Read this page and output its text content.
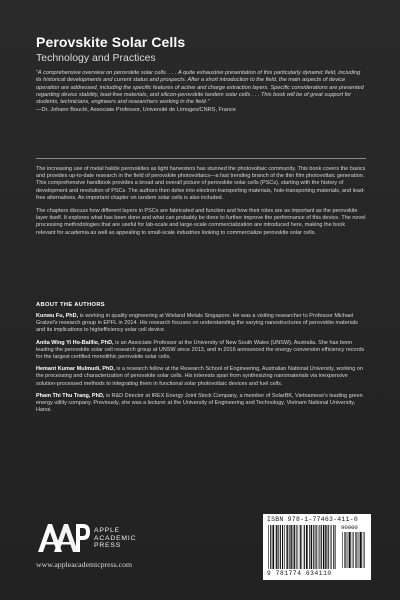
Perovskite Solar Cells
Technology and Practices
“A comprehensive overview on perovskite solar cells. . . . A quite exhaustive presentation of this particularly dynamic field, including its historical developments and current status and prospects. After a short introduction to the field, the main aspects of device operation are addressed, including the specific features of active and charge extraction layers. Specific considerations are presented regarding device stability, lead-free materials, and silicon-perovskite tandem solar cells . . . This book will be of great support for students, technicians, engineers and researchers working in the field.”
—Dr. Johann Bouclé, Associate Professor, Université de Limoges/CNRS, France

The increasing use of metal halide perovskites as light harvesters has stunned the photovoltaic community. This book covers the basics and provides up-to-date research in the field of perovskite photovoltaics—a fast trending branch of the thin film photovoltaic generation. This comprehensive handbook provides a broad and overall picture of perovskite solar cells (PSCs), starting with the history of development and revolution of PSCs. The authors then delve into electron-transporting materials, hole-transporting materials, and lead-free alternatives. An important chapter on tandem solar cells is also included.

The chapters discuss how different layers in PSCs are fabricated and function and how their roles are as important as the perovskite layer itself. It explores what has been done and what can probably be done to further improve the performance of this device. The novel processing methodologies that are useful for lab-scale and large-scale commercialization are introduced here, making the book relevant for academia as well as appealing to small-scale industries looking to commercialize perovskite solar cells.

ABOUT THE AUTHORS

Kunwu Fu, PhD, is working in quality engineering at Wieland Metals Singapore. He was a visiting researcher to Professor Michael Gratzel's research group in EPFL in 2014. His research focuses on understanding the varying nanostructures of perovskite materials and its implications to highefficiency solar cell device.

Anita Wing Yi Ho-Baillie, PhD, is an Associate Professor at the University of New South Wales (UNSW), Australia. She has been leading the perovskite solar cell research group at UNSW since 2013, and in 2016 announced the energy conversion efficiency records for the largest certified monolithic perovskite solar cells.

Hemant Kumar Mulmudi, PhD, is a research fellow at the Research School of Engineering, Australian National University, working on the processing and characterization of perovskite solar cells. His interests span from synthesizing nanomaterials via inexpensive solution-processed methods to integrating them in functional solar photovoltaic devices and fuel cells.

Pham Thi Thu Trang, PhD, is R&D Director at IREX Energy Joint Stock Company, a member of SolarBK, Vietnamese's leading green energy utility company. Previously, she was a lecturer at the University of Engineering and Technology, Vietnam National University, Hanoi.

APPLE
ACADEMIC
PRESS
www.appleacademicpress.com
ISBN 978-1-77463-411-0
90000
9 781774 634110
